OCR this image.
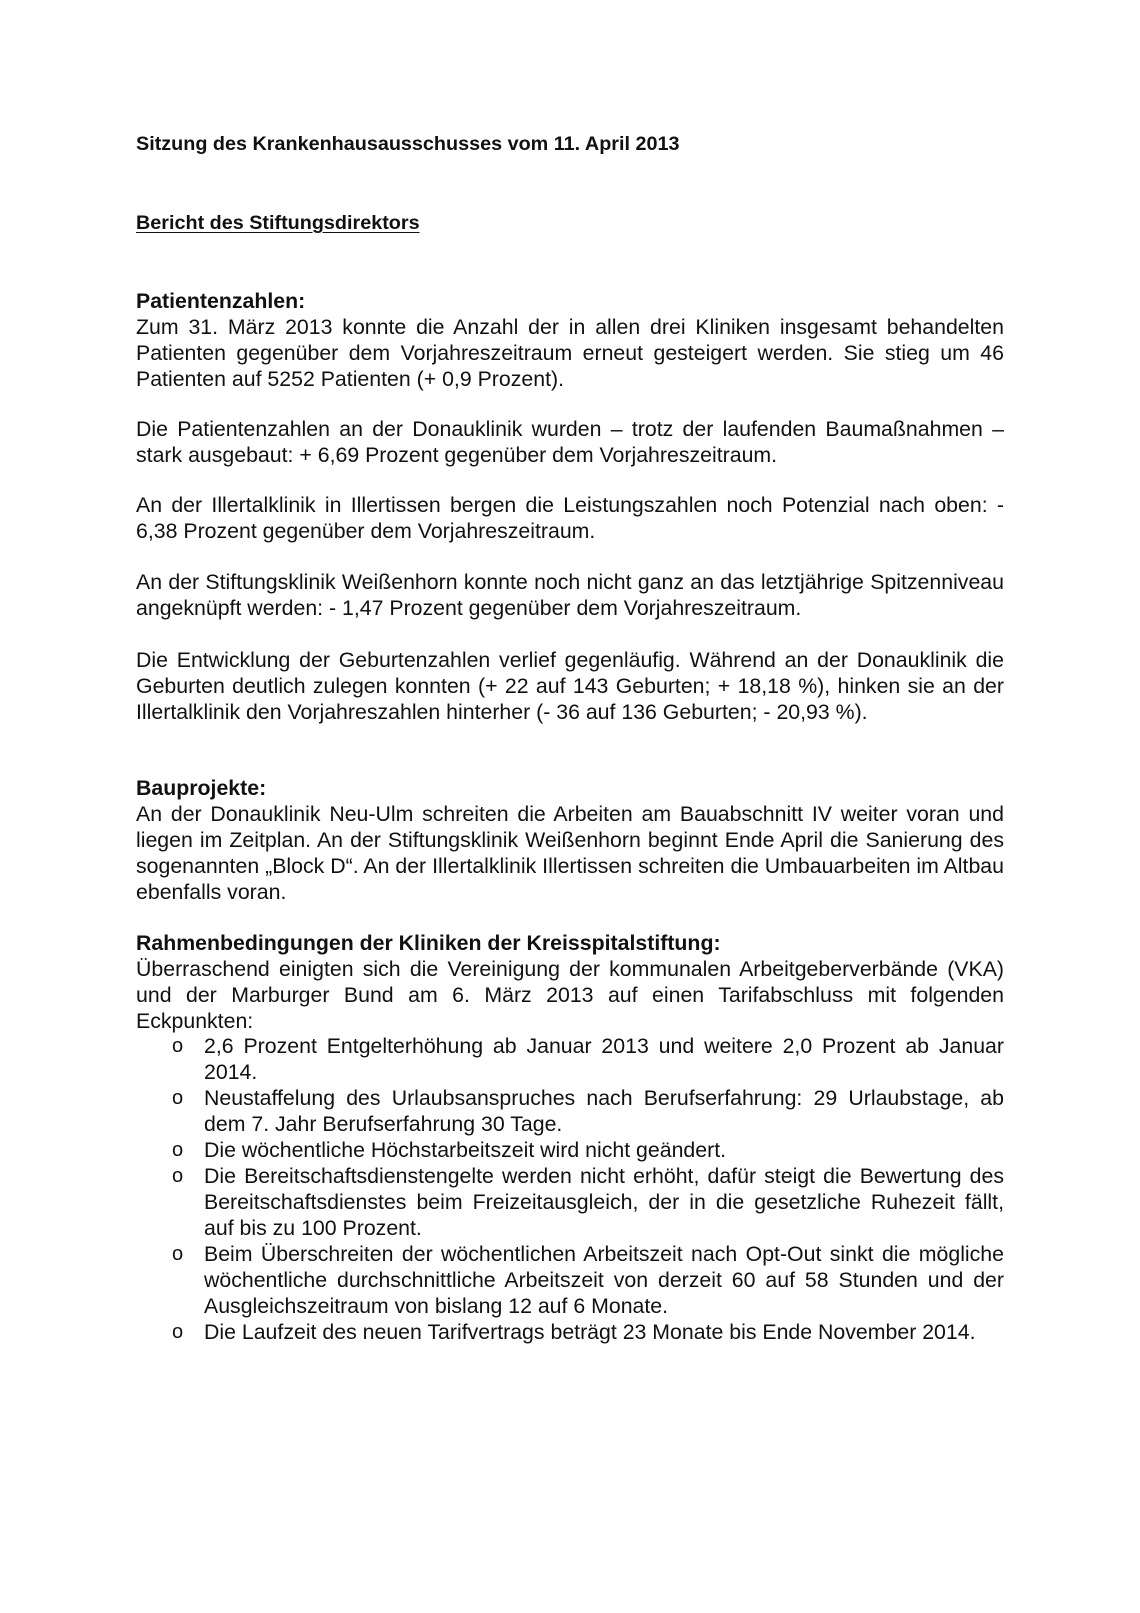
Sitzung des Krankenhausausschusses vom 11. April 2013
Bericht des Stiftungsdirektors
Patientenzahlen:

Zum 31. März 2013 konnte die Anzahl der in allen drei Kliniken insgesamt behandelten Patienten gegenüber dem Vorjahreszeitraum erneut gesteigert werden. Sie stieg um 46 Patienten auf 5252 Patienten (+ 0,9 Prozent).

Die Patientenzahlen an der Donauklinik wurden – trotz der laufenden Baumaßnahmen – stark ausgebaut: + 6,69 Prozent gegenüber dem Vorjahreszeitraum.

An der Illertalklinik in Illertissen bergen die Leistungszahlen noch Potenzial nach oben: - 6,38 Prozent gegenüber dem Vorjahreszeitraum.

An der Stiftungsklinik Weißenhorn konnte noch nicht ganz an das letztjährige Spitzenniveau angeknüpft werden: - 1,47 Prozent gegenüber dem Vorjahreszeitraum.

Die Entwicklung der Geburtenzahlen verlief gegenläufig. Während an der Donauklinik die Geburten deutlich zulegen konnten (+ 22 auf 143 Geburten; + 18,18 %), hinken sie an der Illertalklinik den Vorjahreszahlen hinterher (- 36 auf 136 Geburten; - 20,93 %).

Bauprojekte:

An der Donauklinik Neu-Ulm schreiten die Arbeiten am Bauabschnitt IV weiter voran und liegen im Zeitplan. An der Stiftungsklinik Weißenhorn beginnt Ende April die Sanierung des sogenannten „Block D“. An der Illertalklinik Illertissen schreiten die Umbauarbeiten im Altbau ebenfalls voran.

Rahmenbedingungen der Kliniken der Kreisspitalstiftung:

Überraschend einigten sich die Vereinigung der kommunalen Arbeitgeberverbände (VKA) und der Marburger Bund am 6. März 2013 auf einen Tarifabschluss mit folgenden Eckpunkten:

o 2,6 Prozent Entgelterhöhung ab Januar 2013 und weitere 2,0 Prozent ab Januar 2014.
o Neustaffelung des Urlaubsanspruches nach Berufserfahrung: 29 Urlaubstage, ab dem 7. Jahr Berufserfahrung 30 Tage.
o Die wöchentliche Höchstarbeitszeit wird nicht geändert.
o Die Bereitschaftsdienstengelte werden nicht erhöht, dafür steigt die Bewertung des Bereitschaftsdienstes beim Freizeitausgleich, der in die gesetzliche Ruhezeit fällt, auf bis zu 100 Prozent.
o Beim Überschreiten der wöchentlichen Arbeitszeit nach Opt-Out sinkt die mögliche wöchentliche durchschnittliche Arbeitszeit von derzeit 60 auf 58 Stunden und der Ausgleichszeitraum von bislang 12 auf 6 Monate.
o Die Laufzeit des neuen Tarifvertrags beträgt 23 Monate bis Ende November 2014.
